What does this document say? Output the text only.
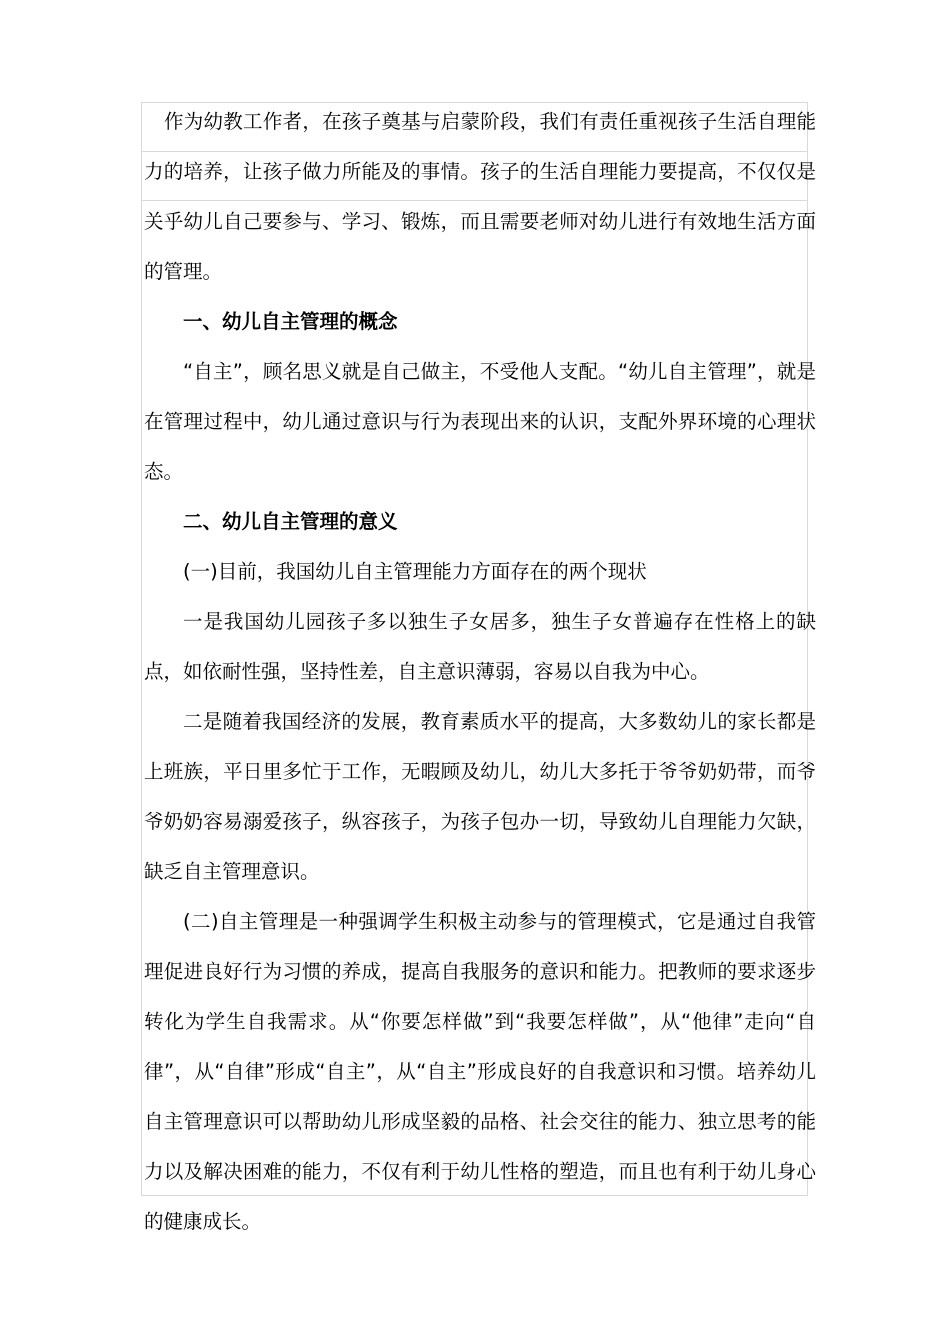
作为幼教工作者，在孩子奠基与启蒙阶段，我们有责任重视孩子生活自理能力的培养，让孩子做力所能及的事情。孩子的生活自理能力要提高，不仅仅是关乎幼儿自己要参与、学习、锻炼，而且需要老师对幼儿进行有效地生活方面的管理。

一、幼儿自主管理的概念

“自主”，顾名思义就是自己做主，不受他人支配。“幼儿自主管理”，就是在管理过程中，幼儿通过意识与行为表现出来的认识，支配外界环境的心理状态。

二、幼儿自主管理的意义

(一)目前，我国幼儿自主管理能力方面存在的两个现状

一是我国幼儿园孩子多以独生子女居多，独生子女普遍存在性格上的缺点，如依耐性强，坚持性差，自主意识薄弱，容易以自我为中心。

二是随着我国经济的发展，教育素质水平的提高，大多数幼儿的家长都是上班族，平日里多忙于工作，无暇顾及幼儿，幼儿大多托于爷爷奶奶带，而爷爷奶奶容易溺爱孩子，纵容孩子，为孩子包办一切，导致幼儿自理能力欠缺，缺乏自主管理意识。

(二)自主管理是一种强调学生积极主动参与的管理模式，它是通过自我管理促进良好行为习惯的养成，提高自我服务的意识和能力。把教师的要求逐步转化为学生自我需求。从“你要怎样做”到“我要怎样做”，从“他律”走向“自律”，从“自律”形成“自主”，从“自主”形成良好的自我意识和习惯。培养幼儿自主管理意识可以帮助幼儿形成坚毅的品格、社会交往的能力、独立思考的能力以及解决困难的能力，不仅有利于幼儿性格的塑造，而且也有利于幼儿身心的健康成长。
